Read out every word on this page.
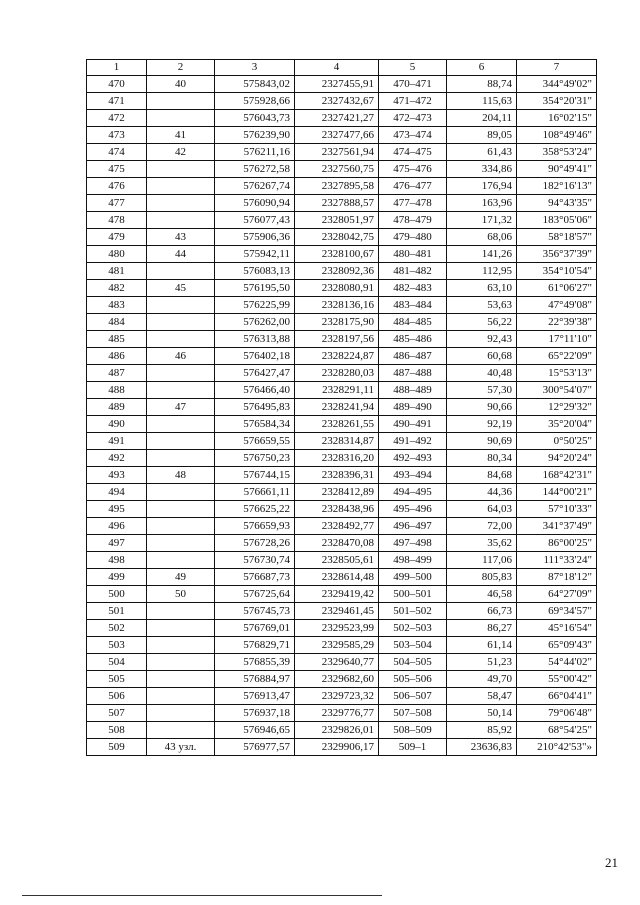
1	2	3	4	5	6	7
470	40	575843,02	2327455,91	470–471	88,74	344°49'02"
471		575928,66	2327432,67	471–472	115,63	354°20'31"
472		576043,73	2327421,27	472–473	204,11	16°02'15"
473	41	576239,90	2327477,66	473–474	89,05	108°49'46"
474	42	576211,16	2327561,94	474–475	61,43	358°53'24"
475		576272,58	2327560,75	475–476	334,86	90°49'41"
476		576267,74	2327895,58	476–477	176,94	182°16'13"
477		576090,94	2327888,57	477–478	163,96	94°43'35"
478		576077,43	2328051,97	478–479	171,32	183°05'06"
479	43	575906,36	2328042,75	479–480	68,06	58°18'57"
480	44	575942,11	2328100,67	480–481	141,26	356°37'39"
481		576083,13	2328092,36	481–482	112,95	354°10'54"
482	45	576195,50	2328080,91	482–483	63,10	61°06'27"
483		576225,99	2328136,16	483–484	53,63	47°49'08"
484		576262,00	2328175,90	484–485	56,22	22°39'38"
485		576313,88	2328197,56	485–486	92,43	17°11'10"
486	46	576402,18	2328224,87	486–487	60,68	65°22'09"
487		576427,47	2328280,03	487–488	40,48	15°53'13"
488		576466,40	2328291,11	488–489	57,30	300°54'07"
489	47	576495,83	2328241,94	489–490	90,66	12°29'32"
490		576584,34	2328261,55	490–491	92,19	35°20'04"
491		576659,55	2328314,87	491–492	90,69	0°50'25"
492		576750,23	2328316,20	492–493	80,34	94°20'24"
493	48	576744,15	2328396,31	493–494	84,68	168°42'31"
494		576661,11	2328412,89	494–495	44,36	144°00'21"
495		576625,22	2328438,96	495–496	64,03	57°10'33"
496		576659,93	2328492,77	496–497	72,00	341°37'49"
497		576728,26	2328470,08	497–498	35,62	86°00'25"
498		576730,74	2328505,61	498–499	117,06	111°33'24"
499	49	576687,73	2328614,48	499–500	805,83	87°18'12"
500	50	576725,64	2329419,42	500–501	46,58	64°27'09"
501		576745,73	2329461,45	501–502	66,73	69°34'57"
502		576769,01	2329523,99	502–503	86,27	45°16'54"
503		576829,71	2329585,29	503–504	61,14	65°09'43"
504		576855,39	2329640,77	504–505	51,23	54°44'02"
505		576884,97	2329682,60	505–506	49,70	55°00'42"
506		576913,47	2329723,32	506–507	58,47	66°04'41"
507		576937,18	2329776,77	507–508	50,14	79°06'48"
508		576946,65	2329826,01	508–509	85,92	68°54'25"
509	43 узл.	576977,57	2329906,17	509–1	23636,83	210°42'53"»
21
